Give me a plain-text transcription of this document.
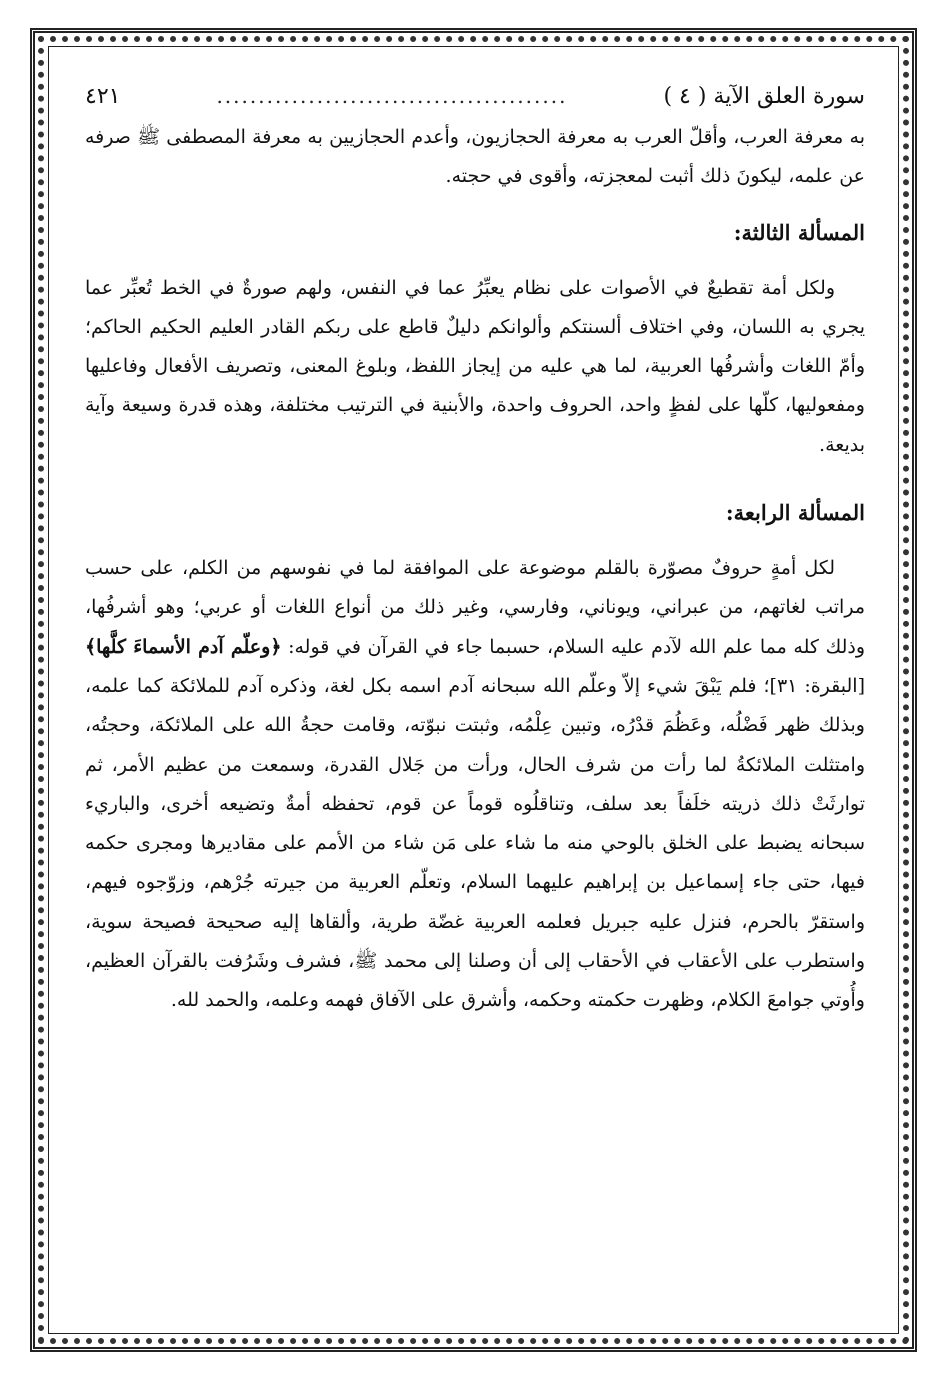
سورة العلق الآية ( ٤ )
..........................................
٤٢١

به معرفة العرب، وأقلّ العرب به معرفة الحجازيون، وأعدم الحجازيين به معرفة المصطفى ﷺ صرفه عن علمه، ليكونَ ذلك أثبت لمعجزته، وأقوى في حجته.

المسألة الثالثة:

ولكل أمة تقطيعٌ في الأصوات على نظام يعبِّرُ عما في النفس، ولهم صورةٌ في الخط تُعبِّر عما يجري به اللسان، وفي اختلاف ألسنتكم وألوانكم دليلٌ قاطع على ربكم القادر العليم الحكيم الحاكم؛ وأمّ اللغات وأشرفُها العربية، لما هي عليه من إيجاز اللفظ، وبلوغ المعنى، وتصريف الأفعال وفاعليها ومفعوليها، كلّها على لفظٍ واحد، الحروف واحدة، والأبنية في الترتيب مختلفة، وهذه قدرة وسيعة وآية بديعة.

المسألة الرابعة:

لكل أمةٍ حروفٌ مصوّرة بالقلم موضوعة على الموافقة لما في نفوسهم من الكلم، على حسب مراتب لغاتهم، من عبراني، ويوناني، وفارسي، وغير ذلك من أنواع اللغات أو عربي؛ وهو أشرفُها، وذلك كله مما علم الله لآدم عليه السلام، حسبما جاء في القرآن في قوله: ﴿وعلّم آدم الأسماءَ كلَّها﴾ [البقرة: ٣١]؛ فلم يَبْقَ شيء إلاّ وعلّم الله سبحانه آدم اسمه بكل لغة، وذكره آدم للملائكة كما علمه، وبذلك ظهر فَضْلُه، وعَظُمَ قدْرُه، وتبين عِلْمُه، وثبتت نبوّته، وقامت حجةُ الله على الملائكة، وحجتُه، وامتثلت الملائكةُ لما رأت من شرف الحال، ورأت من جَلال القدرة، وسمعت من عظيم الأمر، ثم توارثَتْ ذلك ذريته خلَفاً بعد سلف، وتناقلُوه قوماً عن قوم، تحفظه أمةٌ وتضيعه أخرى، والباريء سبحانه يضبط على الخلق بالوحي منه ما شاء على مَن شاء من الأمم على مقاديرها ومجرى حكمه فيها، حتى جاء إسماعيل بن إبراهيم عليهما السلام، وتعلّم العربية من جيرته جُرْهم، وزوّجوه فيهم، واستقرّ بالحرم، فنزل عليه جبريل فعلمه العربية غضّة طرية، وألقاها إليه صحيحة فصيحة سوية، واستطرب على الأعقاب في الأحقاب إلى أن وصلنا إلى محمد ﷺ، فشرف وشَرُفت بالقرآن العظيم، وأُوتي جوامعَ الكلام، وظهرت حكمته وحكمه، وأشرق على الآفاق فهمه وعلمه، والحمد لله.
